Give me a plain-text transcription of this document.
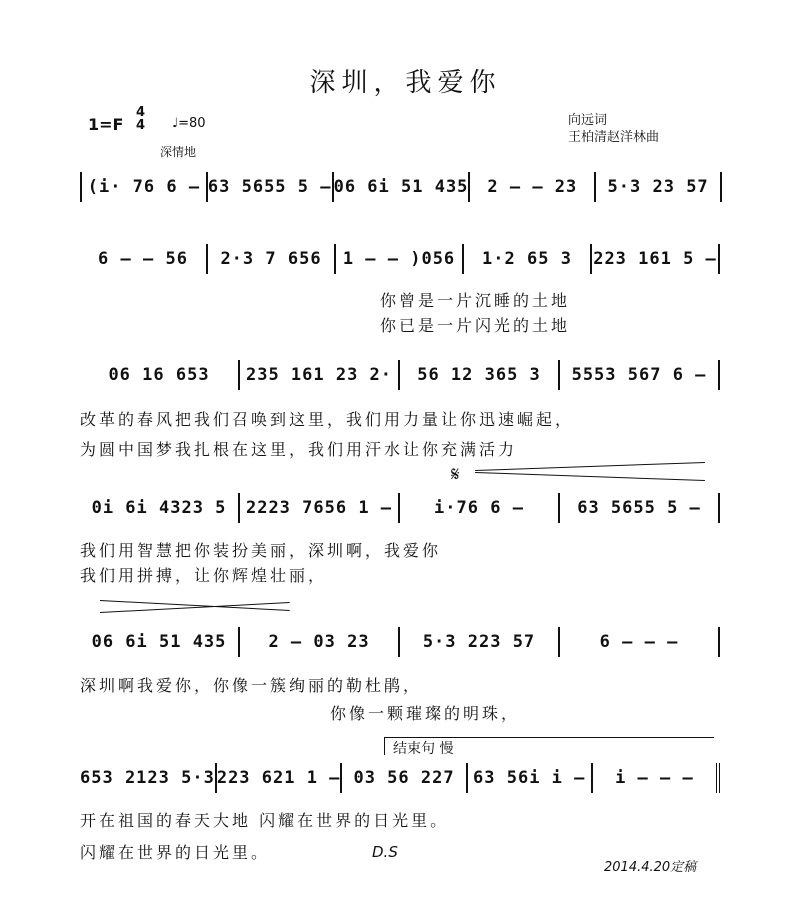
深圳，我爱你
1=F
4
4 ♩=80
深情地
向远词
王柏清赵洋林曲
(i· 76 6 – 63 5655 5 – 06 6i 51 435	2 – – 23	5·3 23 57
6 – – 56	2·3 7 656	1 – – )056	1·2 65 3	223 161 5 –
你曾是一片沉睡的土地
你已是一片闪光的土地
06 16 653	235 161 23 2·	56 12 365 3	5553 567 6 –
改革的春风把我们召唤到这里，我们用力量让你迅速崛起，
为圆中国梦我扎根在这里，我们用汗水让你充满活力
𝄋
0i 6i 4323 5	2223 7656 1 –	i·76 6 –	63 5655 5 –
我们用智慧把你装扮美丽，深圳啊，我爱你
我们用拼搏，让你辉煌壮丽，
06 6i 51 435	2 – 03 23	5·3 223 57	6 – – –
深圳啊我爱你，你像一簇绚丽的勒杜鹃，
你像一颗璀璨的明珠，
结束句 慢
653 2123 5·3 223 621 1 – 03 56 227	63 56i i –	i – – –
开在祖国的春天大地 闪耀在世界的日光里。
闪耀在世界的日光里。	D.S
2014.4.20定稿
